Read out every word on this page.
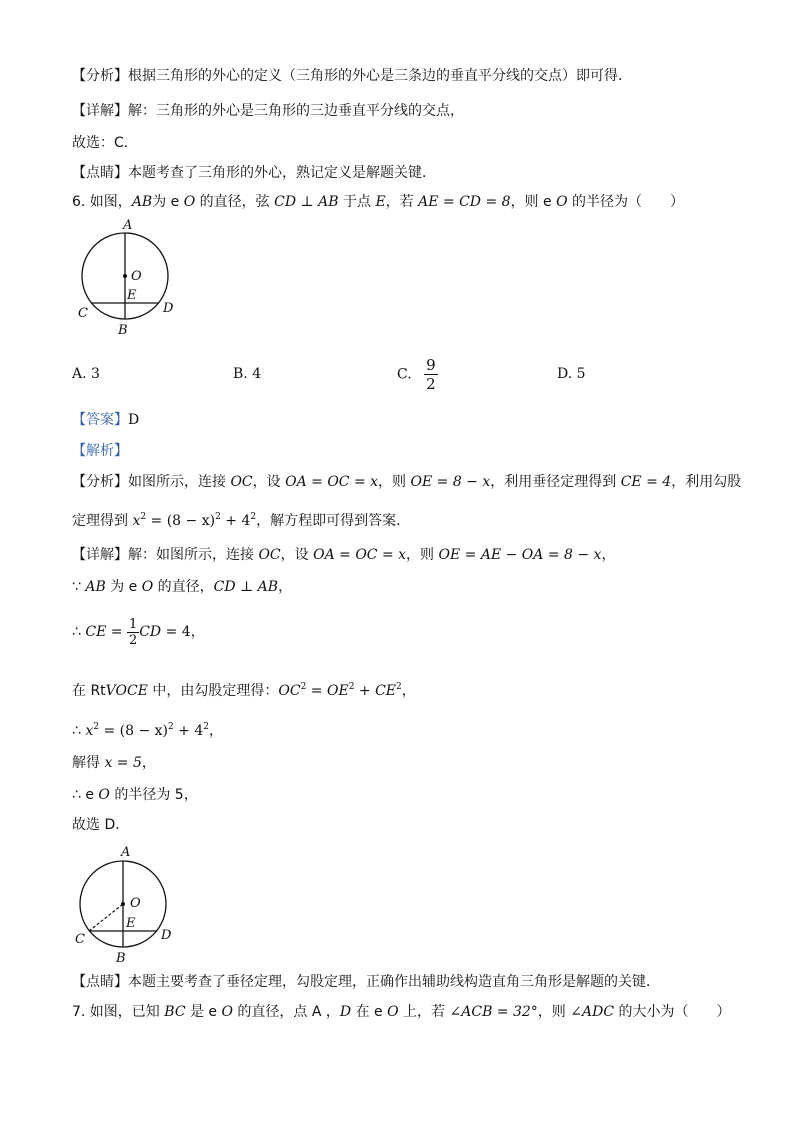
【分析】根据三角形的外心的定义（三角形的外心是三条边的垂直平分线的交点）即可得．
【详解】解：三角形的外心是三角形的三边垂直平分线的交点，
故选：C．
【点睛】本题考查了三角形的外心，熟记定义是解题关键．
6. 如图，AB为 e O 的直径，弦 CD ⊥ AB 于点 E，若 AE = CD = 8，则 e O 的半径为（　　）
A
O
E
C	D
B
A. 3	B. 4	C. $\frac{9}{2}$	D. 5
【答案】D
【解析】
【分析】如图所示，连接 OC，设 OA = OC = x，则 OE = 8 − x，利用垂径定理得到 CE = 4，利用勾股
定理得到 $x^2 = (8 - x)^2 + 4^2$，解方程即可得到答案．
【详解】解：如图所示，连接 OC，设 OA = OC = x，则 OE = AE − OA = 8 − x，
∵ AB 为 e O 的直径，CD ⊥ AB，
∴ CE = $\frac{1}{2}$ CD = 4，
在 RtVOCE 中，由勾股定理得：$OC^2 = OE^2 + CE^2$，
∴ $x^2 = (8 - x)^2 + 4^2$，
解得 x = 5，
∴ e O 的半径为 5，
故选 D．
A
O
E
C	D
B
【点睛】本题主要考查了垂径定理，勾股定理，正确作出辅助线构造直角三角形是解题的关键．
7. 如图，已知 BC 是 e O 的直径，点 A ，D 在 e O 上，若 ∠ACB = 32°，则 ∠ADC 的大小为（　　）
